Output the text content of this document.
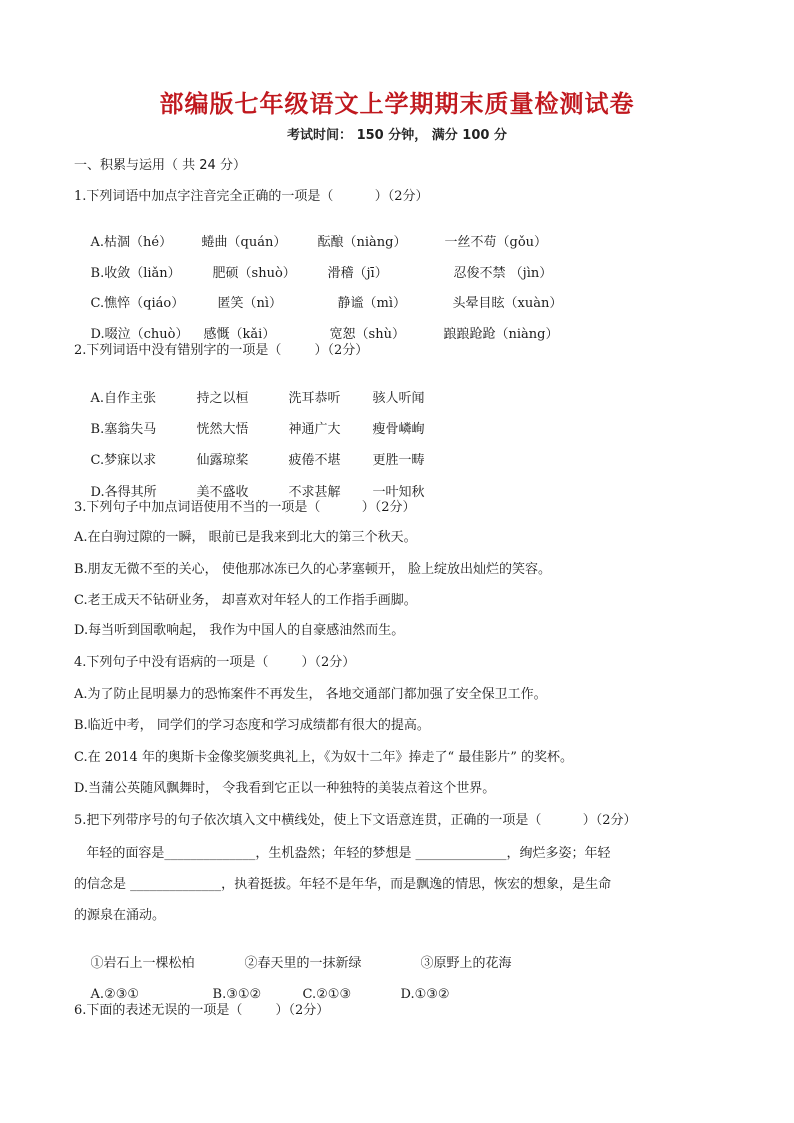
部编版七年级语文上学期期末质量检测试卷
考试时间： 150 分钟， 满分 100 分
一、积累与运用（ 共 24 分）
1.下列词语中加点字注音完全正确的一项是（          ）（2分）

A.枯涸（hé） 蜷曲（quán） 酝酿（niàng）	一丝不苟（gǒu）

B.收敛（liǎn） 肥硕（shuò） 滑稽（jī）	忍俊不禁 （jìn）

C.憔悴（qiáo）	匿笑（nì）	静谧（mì）	头晕目眩（xuàn）

D.啜泣（chuò） 感慨（kǎi）	宽恕（shù）	踉踉跄跄（niàng）

2.下列词语中没有错别字的一项是（        ）（2分）

A.自作主张	持之以桓	洗耳恭听 骇人听闻

B.塞翁失马	恍然大悟	神通广大 瘦骨嶙峋

C.梦寐以求	仙露琼桨	疲倦不堪 更胜一畴

D.各得其所	美不盛收	不求甚解 一叶知秋

3.下列句子中加点词语使用不当的一项是（          ）（2分）
A.在白驹过隙的一瞬， 眼前已是我来到北大的第三个秋天。
B.朋友无微不至的关心， 使他那冰冻已久的心茅塞顿开， 脸上绽放出灿烂的笑容。
C.老王成天不钻研业务， 却喜欢对年轻人的工作指手画脚。
D.每当听到国歌响起， 我作为中国人的自豪感油然而生。
4.下列句子中没有语病的一项是（        ）（2分）
A.为了防止昆明暴力的恐怖案件不再发生， 各地交通部门都加强了安全保卫工作。
B.临近中考， 同学们的学习态度和学习成绩都有很大的提高。
C.在 2014 年的奥斯卡金像奖颁奖典礼上，《为奴十二年》捧走了“ 最佳影片” 的奖杯。
D.当蒲公英随风飘舞时， 令我看到它正以一种独特的美装点着这个世界。
5.把下列带序号的句子依次填入文中横线处，使上下文语意连贯，正确的一项是（          ）（2分）
年轻的面容是______________，生机盎然；年轻的梦想是 ______________，绚烂多姿；年轻
的信念是 ______________，执着挺拔。年轻不是年华，而是飘逸的情思，恢宏的想象，是生命
的源泉在涌动。

①岩石上一棵松柏	②春天里的一抹新绿	③原野上的花海

A.②③①	B.③①②	C.②①③	D.①③②

6.下面的表述无误的一项是（        ）（2分）
